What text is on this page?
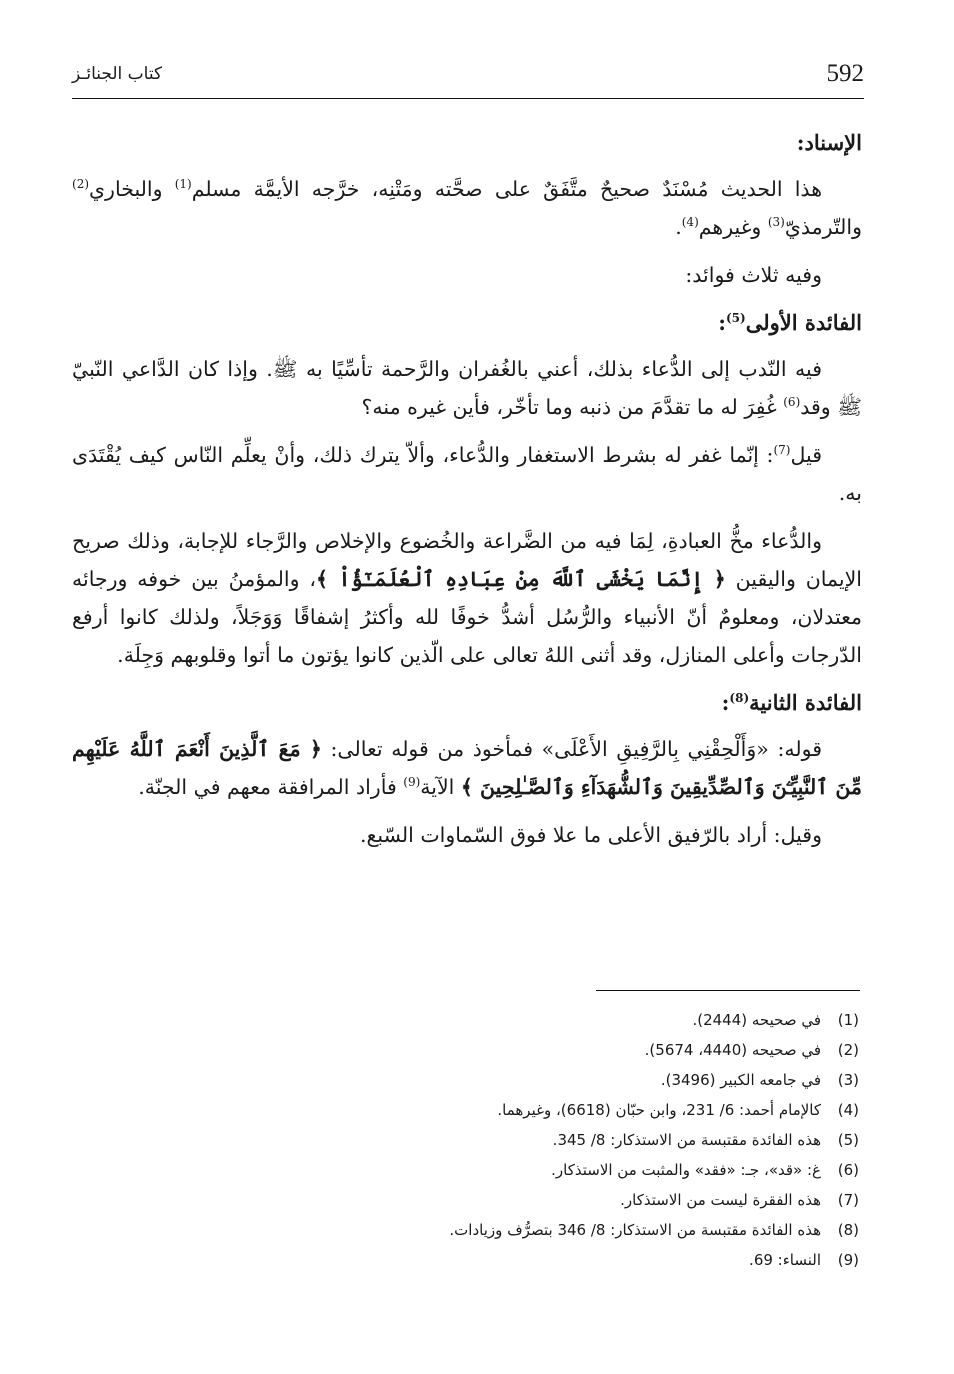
592
كتاب الجنائـز
الإسناد:

هذا الحديث مُسْنَدٌ صحيحٌ متَّفَقٌ على صحَّته ومَتْنِه، خرَّجه الأيمَّة مسلم$^{(1)}$ والبخاري$^{(2)}$ والتّرمذيّ$^{(3)}$ وغيرهم$^{(4)}$.

وفيه ثلاث فوائد:

الفائدة الأولى$^{(5)}$:

فيه النّدب إلى الدُّعاء بذلك، أعني بالغُفران والرَّحمة تأسِّيًا به ﷺ. وإذا كان الدَّاعي النّبيّ ﷺ وقد$^{(6)}$ غُفِرَ له ما تقدَّمَ من ذنبه وما تأخّر، فأين غيره منه؟

قيل$^{(7)}$: إنّما غفر له بشرط الاستغفار والدُّعاء، وألاّ يترك ذلك، وأنْ يعلِّم النّاس كيف يُقْتَدَى به.

والدُّعاء مخُّ العبادةِ، لِمَا فيه من الضَّراعة والخُضوع والإخلاص والرَّجاء للإجابة، وذلك صريح الإيمان واليقين ﴿ إِنَّمَا يَخْشَى ٱللَّهَ مِنْ عِبَادِهِ ٱلْعُلَمَـٰٓؤُاْ ﴾، والمؤمنُ بين خوفه ورجائه معتدلان، ومعلومٌ أنّ الأنبياء والرُّسُل أشدُّ خوفًا لله وأكثرُ إشفاقًا وَوَجَلاً، ولذلك كانوا أرفع الدّرجات وأعلى المنازل، وقد أثنى اللهُ تعالى على الّذين كانوا يؤتون ما أتوا وقلوبهم وَجِلَة.

الفائدة الثانية$^{(8)}$:

قوله: «وَأَلْحِقْنِي بِالرَّفِيقِ الأَعْلَى» فمأخوذ من قوله تعالى: ﴿ مَعَ ٱلَّذِينَ أَنْعَمَ ٱللَّهُ عَلَيْهِم مِّنَ ٱلنَّبِيِّـۧنَ وَٱلصِّدِّيقِينَ وَٱلشُّهَدَآءِ وَٱلصَّـٰلِحِينَ ﴾ الآية$^{(9)}$ فأراد المرافقة معهم في الجنّة.

وقيل: أراد بالرّفيق الأعلى ما علا فوق السّماوات السّبع.

(1)
في صحيحه (2444).
(2)
في صحيحه (4440، 5674).
(3)
في جامعه الكبير (3496).
(4)
كالإمام أحمد: 6/ 231، وابن حبّان (6618)، وغيرهما.
(5)
هذه الفائدة مقتبسة من الاستذكار: 8/ 345.
(6)
غ: «قد»، جـ: «فقد» والمثبت من الاستذكار.
(7)
هذه الفقرة ليست من الاستذكار.
(8)
هذه الفائدة مقتبسة من الاستذكار: 8/ 346 بتصرُّف وزيادات.
(9)
النساء: 69.
